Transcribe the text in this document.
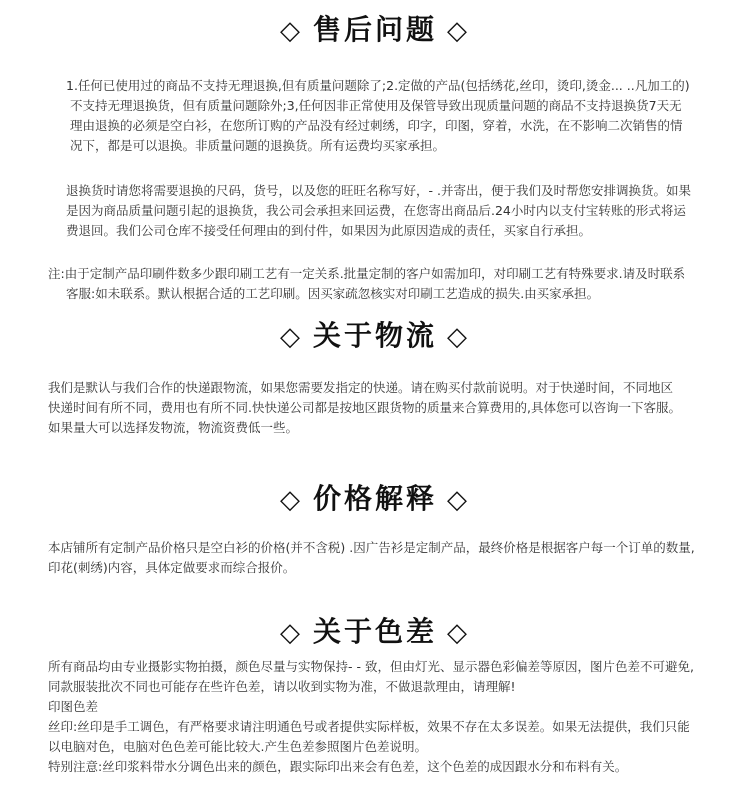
◇ 售后问题 ◇
1.任何已使用过的商品不支持无理退换,但有质量问题除了;2.定做的产品(包括绣花,丝印，烫印,烫金... ..凡加工的)
不支持无理退换货，但有质量问题除外;3,任何因非正常使用及保管导致出现质量问题的商品不支持退换货7天无
理由退换的必须是空白衫，在您所订购的产品没有经过刺绣，印字，印图，穿着，水洗，在不影响二次销售的情
况下，都是可以退换。非质量问题的退换货。所有运费均买家承担。
退换货时请您将需要退换的尺码，货号，以及您的旺旺名称写好，- .并寄出，便于我们及时帮您安排调换货。如果
是因为商品质量问题引起的退换货，我公司会承担来回运费，在您寄出商品后.24小时内以支付宝转账的形式将运
费退回。我们公司仓库不接受任何理由的到付件，如果因为此原因造成的责任，买家自行承担。
注:由于定制产品印刷件数多少跟印刷工艺有一定关系.批量定制的客户如需加印，对印刷工艺有特殊要求.请及时联系
客服:如未联系。默认根据合适的工艺印刷。因买家疏忽核实对印刷工艺造成的损失.由买家承担。
◇ 关于物流 ◇
我们是默认与我们合作的快递跟物流，如果您需要发指定的快递。请在购买付款前说明。对于快递时间，不同地区
快递时间有所不同，费用也有所不同.快快递公司都是按地区跟货物的质量来合算费用的,具体您可以咨询一下客服。
如果量大可以选择发物流，物流资费低一些。
◇ 价格解释 ◇
本店铺所有定制产品价格只是空白衫的价格(并不含税) .因广告衫是定制产品，最终价格是根据客户每一个订单的数量,
印花(刺绣)内容，具体定做要求而综合报价。
◇ 关于色差 ◇
所有商品均由专业摄影实物拍摄，颜色尽量与实物保持- - 致，但由灯光、显示器色彩偏差等原因，图片色差不可避免,
同款服装批次不同也可能存在些许色差，请以收到实物为准，不做退款理由，请理解!
印图色差
丝印:丝印是手工调色，有严格要求请注明通色号或者提供实际样板，效果不存在太多误差。如果无法提供，我们只能
以电脑对色，电脑对色色差可能比较大.产生色差参照图片色差说明。
特别注意:丝印浆料带水分调色出来的颜色，跟实际印出来会有色差，这个色差的成因跟水分和布料有关。
